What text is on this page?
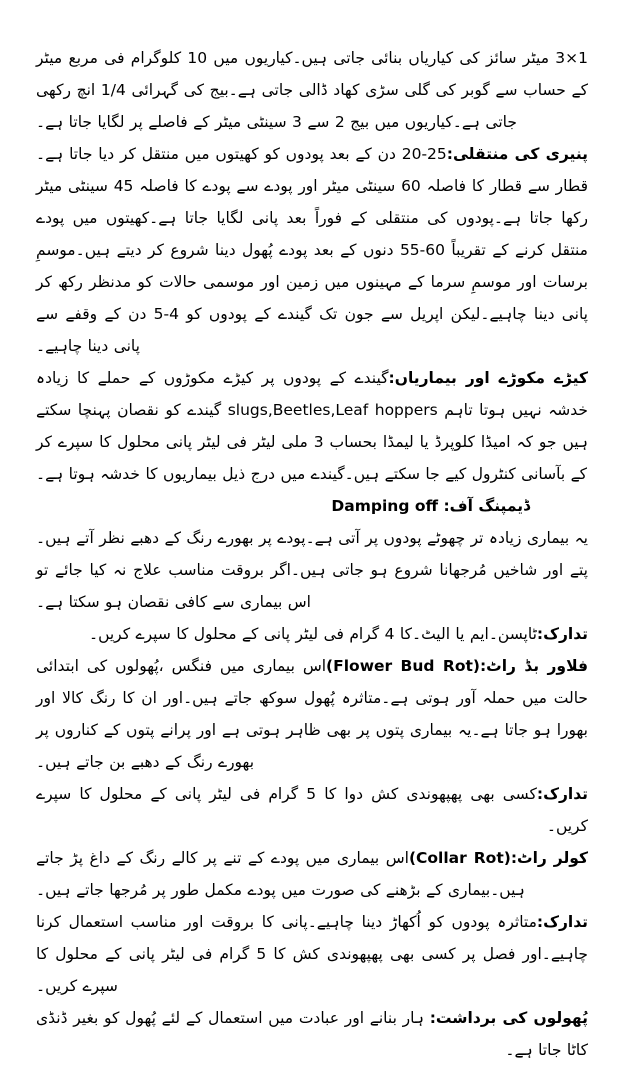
‎3×1‎ میٹر سائز کی کیاریاں بنائی جاتی ہیں۔کیاریوں میں 10 کلوگرام فی مربع میٹر کے حساب سے گوبر کی گلی سڑی کھاد ڈالی جاتی ہے۔بیج کی گہرائی 1/4 انچ رکھی جاتی ہے۔کیاریوں میں بیج 2 سے 3 سینٹی میٹر کے فاصلے پر لگایا جاتا ہے۔

پنیری کی منتقلی:25-20 دن کے بعد پودوں کو کھیتوں میں منتقل کر دیا جاتا ہے۔قطار سے قطار کا فاصلہ 60 سینٹی میٹر اور پودے سے پودے کا فاصلہ 45 سینٹی میٹر رکھا جاتا ہے۔پودوں کی منتقلی کے فوراً بعد پانی لگایا جاتا ہے۔کھیتوں میں پودے منتقل کرنے کے تقریباً 60-55 دنوں کے بعد پودے پُھول دینا شروع کر دیتے ہیں۔موسمِ برسات اور موسمِ سرما کے مہینوں میں زمین اور موسمی حالات کو مدنظر رکھ کر پانی دینا چاہیے۔لیکن اپریل سے جون تک گیندے کے پودوں کو 4-5 دن کے وقفے سے پانی دینا چاہیے۔

کیڑے مکوڑے اور بیماریاں:گیندے کے پودوں پر کیڑے مکوڑوں کے حملے کا زیادہ خدشہ نہیں ہوتا تاہم slugs,Beetles,Leaf hoppers گیندے کو نقصان پہنچا سکتے ہیں جو کہ امیڈا کلوپرڈ یا لیمڈا بحساب 3 ملی لیٹر فی لیٹر پانی محلول کا سپرے کر کے بآسانی کنٹرول کیے جا سکتے ہیں۔گیندے میں درج ذیل بیماریوں کا خدشہ ہوتا ہے۔

ڈیمپنگ آف: Damping off

یہ بیماری زیادہ تر چھوٹے پودوں پر آتی ہے۔پودے پر بھورے رنگ کے دھبے نظر آتے ہیں۔پتے اور شاخیں مُرجھانا شروع ہو جاتی ہیں۔اگر بروقت مناسب علاج نہ کیا جائے تو اس بیماری سے کافی نقصان ہو سکتا ہے۔

تدارک:ٹاپسن۔ایم یا الیٹ۔کا 4 گرام فی لیٹر پانی کے محلول کا سپرے کریں۔

فلاور بڈ راٹ:(Flower Bud Rot)اس بیماری میں فنگس ،پُھولوں کی ابتدائی حالت میں حملہ آور ہوتی ہے۔متاثرہ پُھول سوکھ جاتے ہیں۔اور ان کا رنگ کالا اور بھورا ہو جاتا ہے۔یہ بیماری پتوں پر بھی ظاہر ہوتی ہے اور پرانے پتوں کے کناروں پر بھورے رنگ کے دھبے بن جاتے ہیں۔

تدارک:کسی بھی پھپھوندی کش دوا کا 5 گرام فی لیٹر پانی کے محلول کا سپرے کریں۔

کولر راٹ:(Collar Rot)اس بیماری میں پودے کے تنے پر کالے رنگ کے داغ پڑ جاتے ہیں۔بیماری کے بڑھنے کی صورت میں پودے مکمل طور پر مُرجھا جاتے ہیں۔

تدارک:متاثرہ پودوں کو اُکھاڑ دینا چاہیے۔پانی کا بروقت اور مناسب استعمال کرنا چاہیے۔اور فصل پر کسی بھی پھپھوندی کش کا 5 گرام فی لیٹر پانی کے محلول کا سپرے کریں۔

پُھولوں کی برداشت: ہار بنانے اور عبادت میں استعمال کے لئے پُھول کو بغیر ڈنڈی کاٹا جاتا ہے۔
